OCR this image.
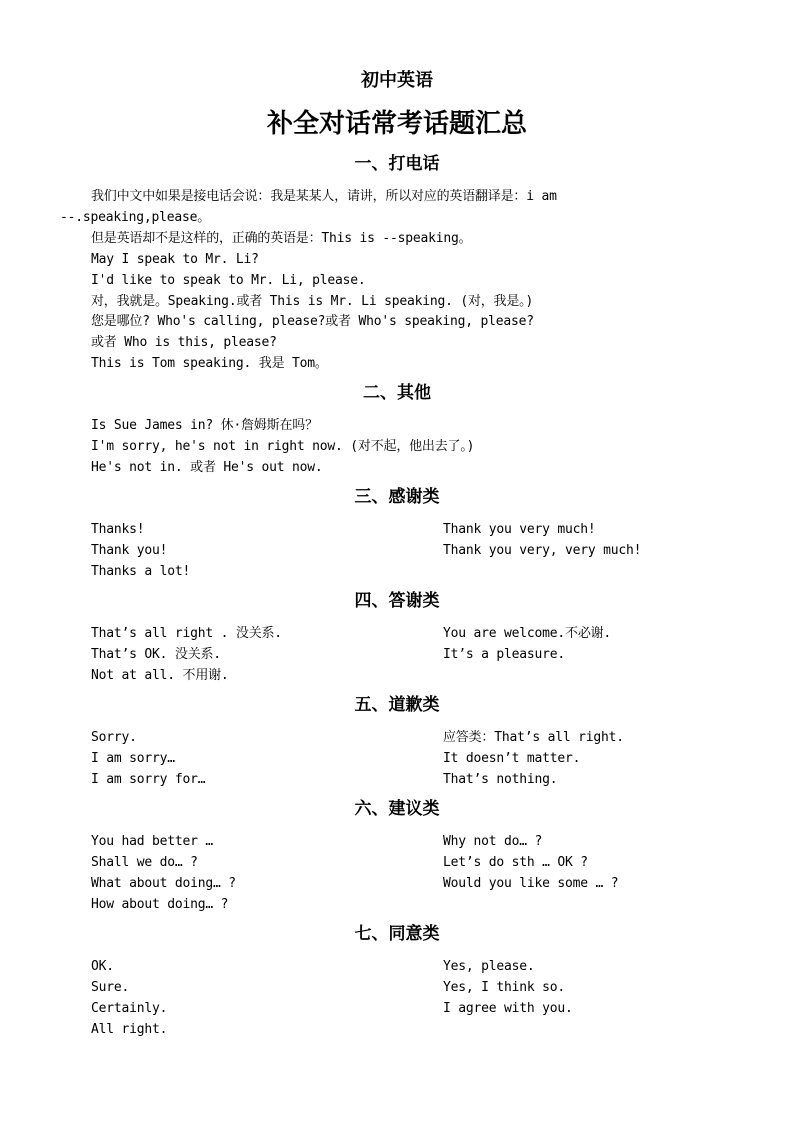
初中英语
补全对话常考话题汇总
一、打电话
我们中文中如果是接电话会说：我是某某人，请讲，所以对应的英语翻译是：i am
--.speaking,please。
但是英语却不是这样的，正确的英语是：This is --speaking。
May I speak to Mr. Li?
I'd like to speak to Mr. Li, please.
对，我就是。Speaking.或者 This is Mr. Li speaking. (对，我是。)
您是哪位? Who's calling, please?或者 Who's speaking, please?
或者 Who is this, please?
This is Tom speaking. 我是 Tom。
二、其他
Is Sue James in? 休·詹姆斯在吗？
I'm sorry, he's not in right now. (对不起，他出去了。)
He's not in. 或者 He's out now.
三、感谢类
Thanks!
Thank you!
Thanks a lot!
Thank you very much!
Thank you very, very much!
四、答谢类
That’s all right . 没关系.
That’s OK. 没关系.
Not at all. 不用谢.
You are welcome.不必谢.
It’s a pleasure.
五、道歉类
Sorry.
I am sorry…
I am sorry for…
应答类：That’s all right.
It doesn’t matter.
That’s nothing.
六、建议类
You had better …
Shall we do… ?
What about doing… ?
How about doing… ?
Why not do… ?
Let’s do sth … OK ?
Would you like some … ?
七、同意类
OK.
Sure.
Certainly.
All right.
Yes, please.
Yes, I think so.
I agree with you.
